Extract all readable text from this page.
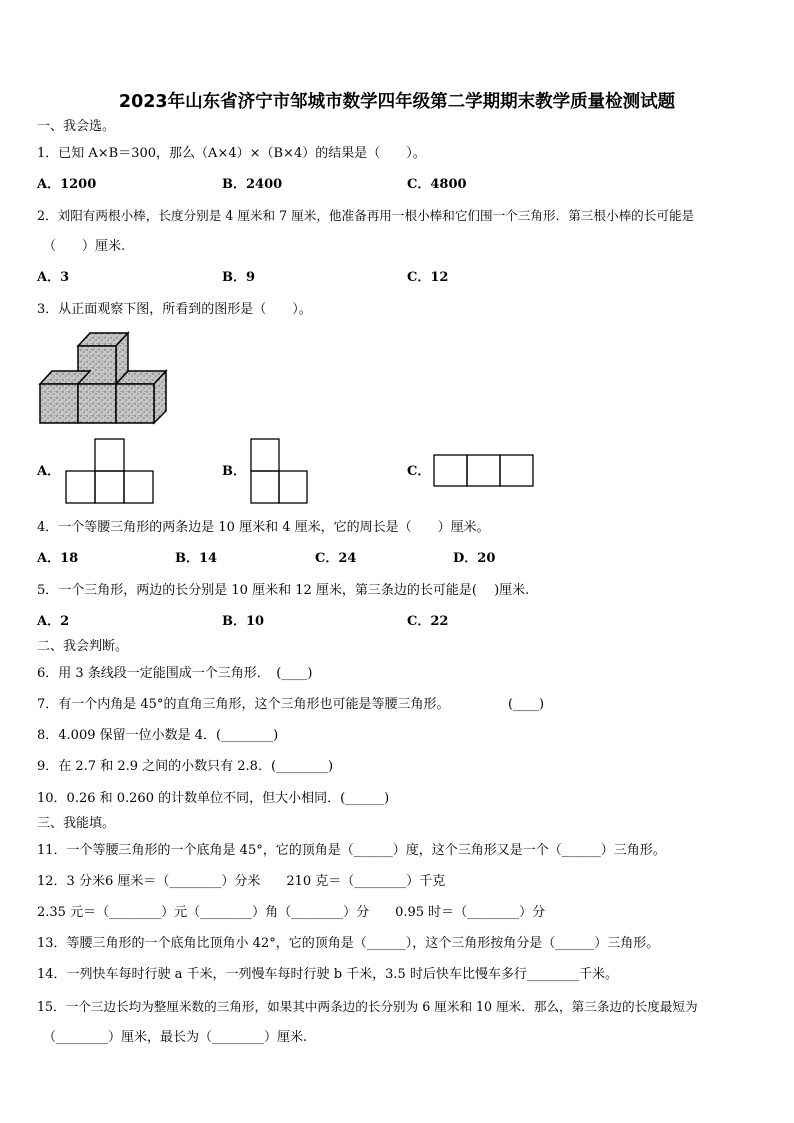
2023年山东省济宁市邹城市数学四年级第二学期期末教学质量检测试题
一、我会选。
1．已知 A×B＝300，那么（A×4）×（B×4）的结果是（　　）。
A．1200	B．2400	C．4800
2．刘阳有两根小棒，长度分别是 4 厘米和 7 厘米，他准备再用一根小棒和它们围一个三角形．第三根小棒的长可能是
（　　）厘米.
A．3	B．9	C．12
3．从正面观察下图，所看到的图形是（　　）。
A．	B．	C．
4．一个等腰三角形的两条边是 10 厘米和 4 厘米，它的周长是（　　）厘米。
A．18	B．14	C．24	D．20
5．一个三角形，两边的长分别是 10 厘米和 12 厘米，第三条边的长可能是(　 )厘米.
A．2	B．10	C．22
二、我会判断。
6．用 3 条线段一定能围成一个三角形．　(____)
7．有一个内角是 45°的直角三角形，这个三角形也可能是等腰三角形。　　　　　(____)
8．4.009 保留一位小数是 4．(________)
9．在 2.7 和 2.9 之间的小数只有 2.8．(________)
10．0.26 和 0.260 的计数单位不同，但大小相同．(______)
三、我能填。
11．一个等腰三角形的一个底角是 45°，它的顶角是（______）度，这个三角形又是一个（______）三角形。
12．3 分米6 厘米＝（________）分米　　210 克＝（________）千克
2.35 元＝（________）元（________）角（________）分　　0.95 时＝（________）分
13．等腰三角形的一个底角比顶角小 42°，它的顶角是（______），这个三角形按角分是（______）三角形。
14．一列快车每时行驶 a 千米，一列慢车每时行驶 b 千米，3.5 时后快车比慢车多行________千米。
15．一个三边长均为整厘米数的三角形，如果其中两条边的长分别为 6 厘米和 10 厘米．那么，第三条边的长度最短为
（________）厘米，最长为（________）厘米.
